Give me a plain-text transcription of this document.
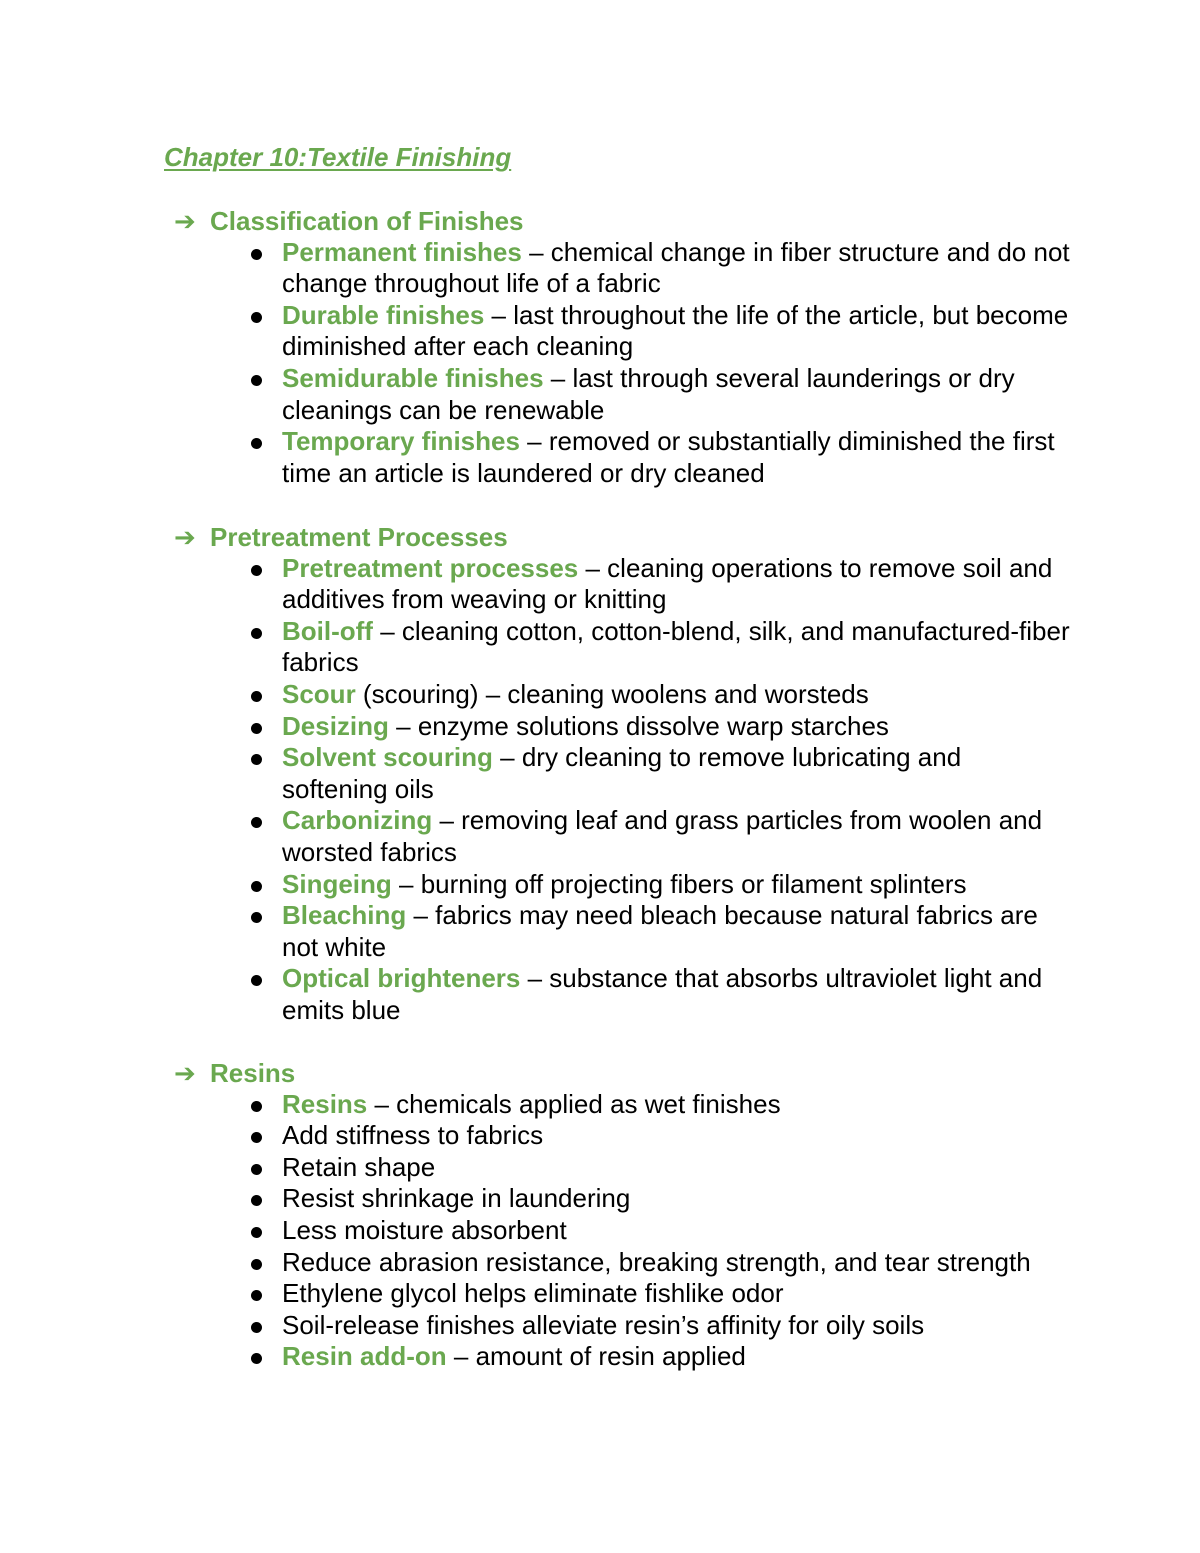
Chapter 10:Textile Finishing
➔ Classification of Finishes
Permanent finishes – chemical change in fiber structure and do not change throughout life of a fabric
Durable finishes – last throughout the life of the article, but become diminished after each cleaning
Semidurable finishes – last through several launderings or dry cleanings can be renewable
Temporary finishes – removed or substantially diminished the first time an article is laundered or dry cleaned
➔ Pretreatment Processes
Pretreatment processes – cleaning operations to remove soil and additives from weaving or knitting
Boil-off – cleaning cotton, cotton-blend, silk, and manufactured-fiber fabrics
Scour (scouring) – cleaning woolens and worsteds
Desizing – enzyme solutions dissolve warp starches
Solvent scouring – dry cleaning to remove lubricating and softening oils
Carbonizing – removing leaf and grass particles from woolen and worsted fabrics
Singeing – burning off projecting fibers or filament splinters
Bleaching – fabrics may need bleach because natural fabrics are not white
Optical brighteners – substance that absorbs ultraviolet light and emits blue
➔ Resins
Resins – chemicals applied as wet finishes
Add stiffness to fabrics
Retain shape
Resist shrinkage in laundering
Less moisture absorbent
Reduce abrasion resistance, breaking strength, and tear strength
Ethylene glycol helps eliminate fishlike odor
Soil-release finishes alleviate resin’s affinity for oily soils
Resin add-on – amount of resin applied
